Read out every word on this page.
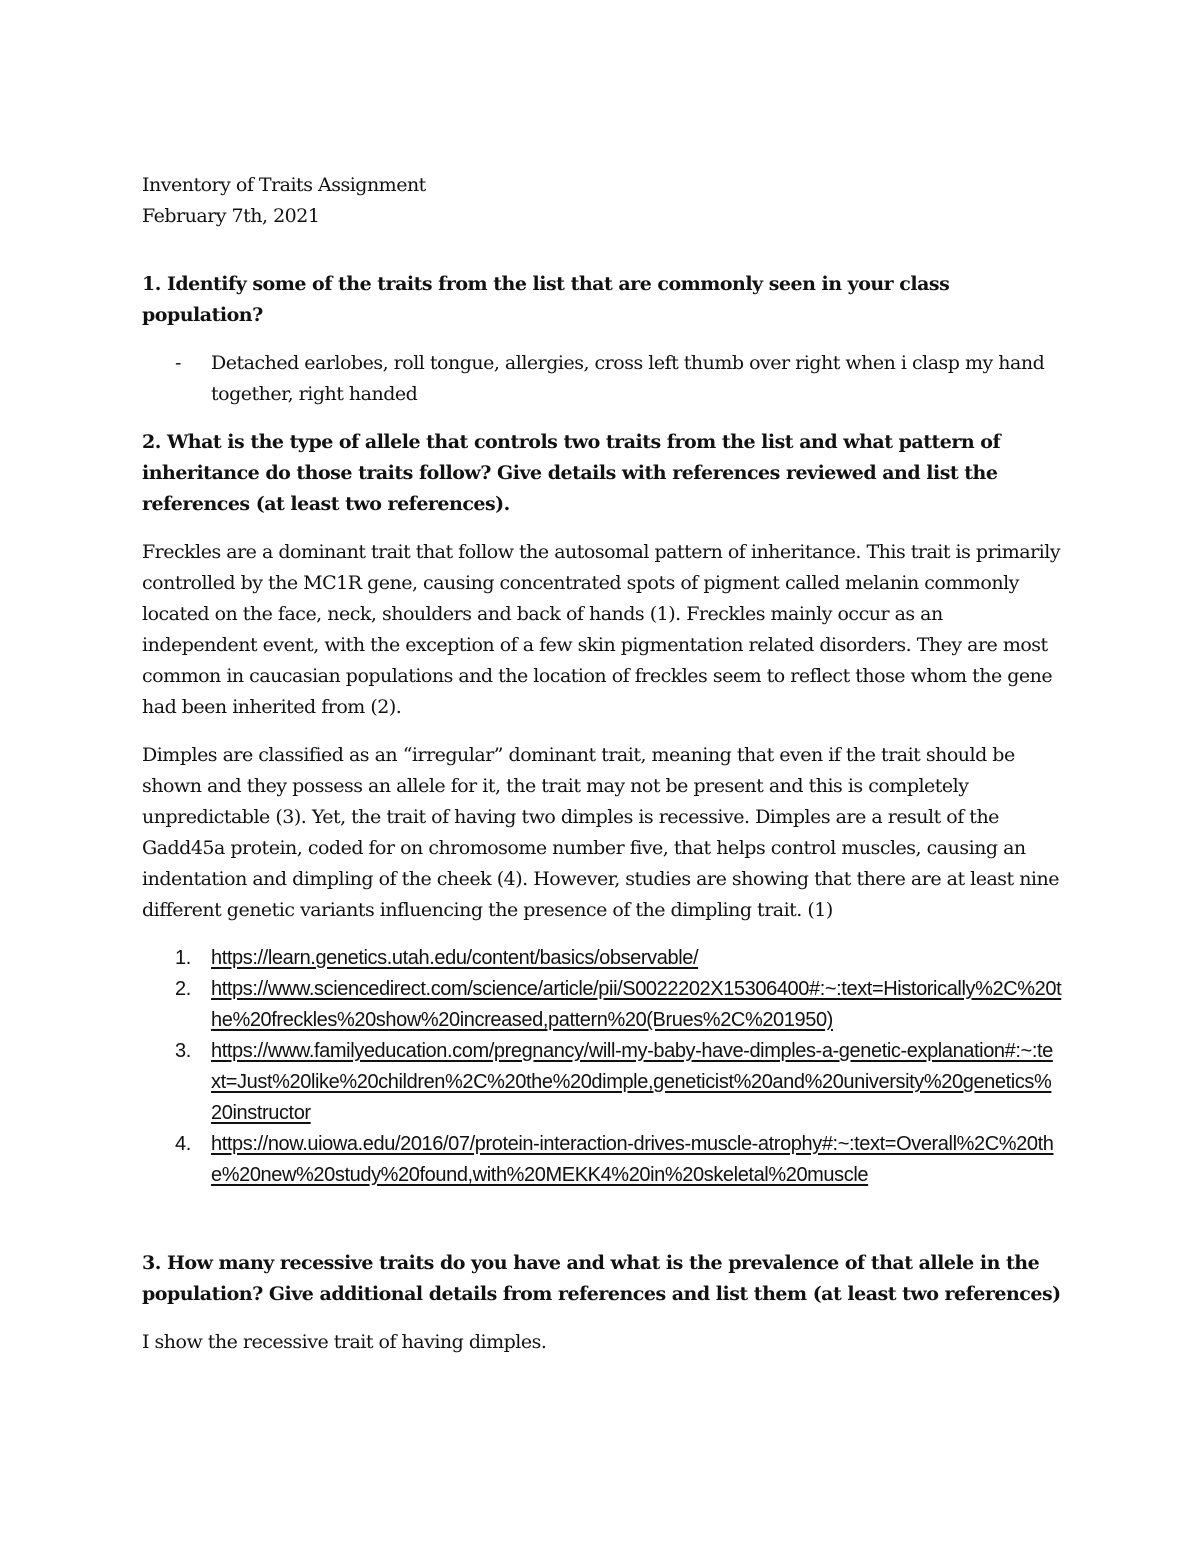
Inventory of Traits Assignment

February 7th, 2021

1. Identify some of the traits from the list that are commonly seen in your class population?

- Detached earlobes, roll tongue, allergies, cross left thumb over right when i clasp my hand together, right handed

2. What is the type of allele that controls two traits from the list and what pattern of inheritance do those traits follow? Give details with references reviewed and list the references (at least two references).

Freckles are a dominant trait that follow the autosomal pattern of inheritance. This trait is primarily controlled by the MC1R gene, causing concentrated spots of pigment called melanin commonly located on the face, neck, shoulders and back of hands (1). Freckles mainly occur as an independent event, with the exception of a few skin pigmentation related disorders. They are most common in caucasian populations and the location of freckles seem to reflect those whom the gene had been inherited from (2).

Dimples are classified as an “irregular” dominant trait, meaning that even if the trait should be shown and they possess an allele for it, the trait may not be present and this is completely unpredictable (3). Yet, the trait of having two dimples is recessive. Dimples are a result of the Gadd45a protein, coded for on chromosome number five, that helps control muscles, causing an indentation and dimpling of the cheek (4). However, studies are showing that there are at least nine different genetic variants influencing the presence of the dimpling trait. (1)

1. https://learn.genetics.utah.edu/content/basics/observable/
2. https://www.sciencedirect.com/science/article/pii/S0022202X15306400#:~:text=Historically%2C%20the%20freckles%20show%20increased,pattern%20(Brues%2C%201950)
3. https://www.familyeducation.com/pregnancy/will-my-baby-have-dimples-a-genetic-explanation#:~:text=Just%20like%20children%2C%20the%20dimple,geneticist%20and%20university%20genetics%20instructor
4. https://now.uiowa.edu/2016/07/protein-interaction-drives-muscle-atrophy#:~:text=Overall%2C%20the%20new%20study%20found,with%20MEKK4%20in%20skeletal%20muscle

3. How many recessive traits do you have and what is the prevalence of that allele in the population? Give additional details from references and list them (at least two references)

I show the recessive trait of having dimples.
